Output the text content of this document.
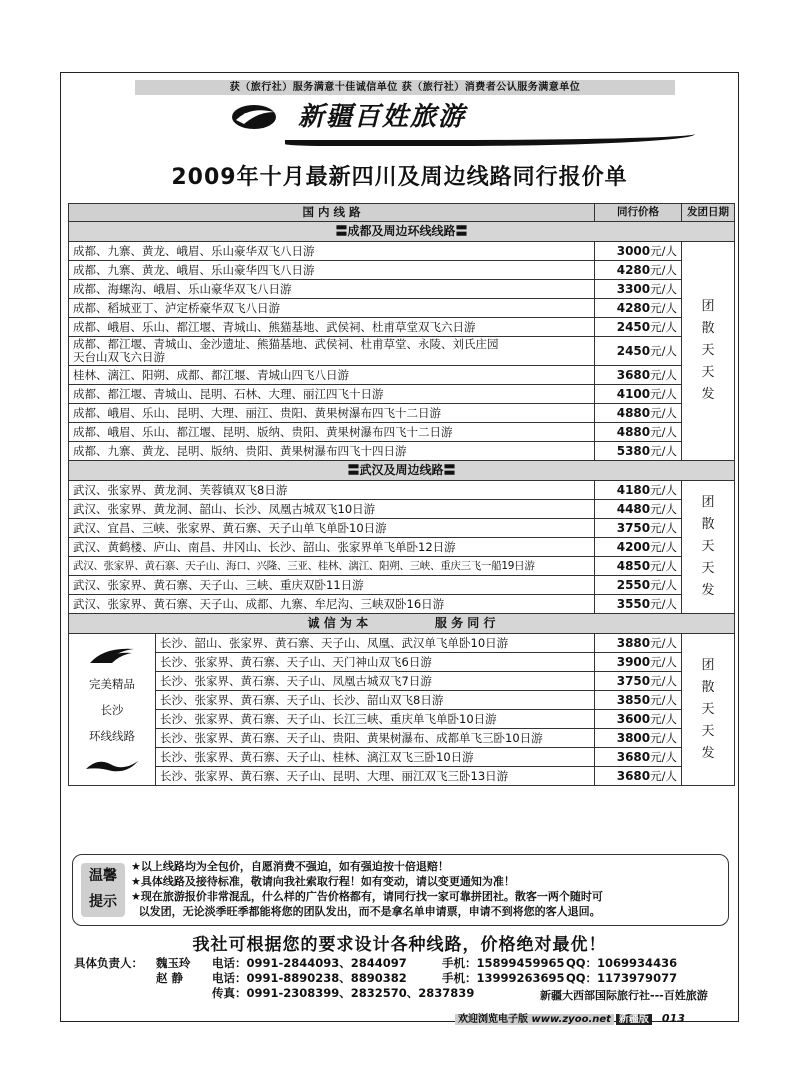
获（旅行社）服务满意十佳诚信单位 获（旅行社）消费者公认服务满意单位
新疆百姓旅游
2009年十月最新四川及周边线路同行报价单
国 内 线 路		同行价格	发团日期
〓成都及周边环线线路〓			
成都、九寨、黄龙、峨眉、乐山豪华双飞八日游		3000元/人	团散天天发
成都、九寨、黄龙、峨眉、乐山豪华四飞八日游		4280元/人	
成都、海螺沟、峨眉、乐山豪华双飞八日游		3300元/人	
成都、稻城亚丁、泸定桥豪华双飞八日游		4280元/人	
成都、峨眉、乐山、都江堰、青城山、熊猫基地、武侯祠、杜甫草堂双飞六日游		2450元/人	
成都、都江堰、青城山、金沙遗址、熊猫基地、武侯祠、杜甫草堂、永陵、刘氏庄园
天台山双飞六日游		2450元/人	
桂林、漓江、阳朔、成都、都江堰、青城山四飞八日游		3680元/人	
成都、都江堰、青城山、昆明、石林、大理、丽江四飞十日游		4100元/人	
成都、峨眉、乐山、昆明、大理、丽江、贵阳、黄果树瀑布四飞十二日游		4880元/人	
成都、峨眉、乐山、都江堰、昆明、版纳、贵阳、黄果树瀑布四飞十二日游		4880元/人	
成都、九寨、黄龙、昆明、版纳、贵阳、黄果树瀑布四飞十四日游		5380元/人	
〓武汉及周边线路〓			
武汉、张家界、黄龙洞、芙蓉镇双飞8日游		4180元/人	团散天天发
武汉、张家界、黄龙洞、韶山、长沙、凤凰古城双飞10日游		4480元/人	
武汉、宜昌、三峡、张家界、黄石寨、天子山单飞单卧10日游		3750元/人	
武汉、黄鹤楼、庐山、南昌、井冈山、长沙、韶山、张家界单飞单卧12日游		4200元/人	
武汉、张家界、黄石寨、天子山、海口、兴隆、三亚、桂林、漓江、阳朔、三峡、重庆三飞一船19日游		4850元/人	
武汉、张家界、黄石寨、天子山、三峡、重庆双卧11日游		2550元/人	
武汉、张家界、黄石寨、天子山、成都、九寨、牟尼沟、三峡双卧16日游		3550元/人	
诚 信 为 本                服 务 同 行			

完美精品
长沙
环线线路	长沙、韶山、张家界、黄石寨、天子山、凤凰、武汉单飞单卧10日游	3880元/人	团散天天发
	长沙、张家界、黄石寨、天子山、天门神山双飞6日游	3900元/人	
	长沙、张家界、黄石寨、天子山、凤凰古城双飞7日游	3750元/人	
	长沙、张家界、黄石寨、天子山、长沙、韶山双飞8日游	3850元/人	
	长沙、张家界、黄石寨、天子山、长江三峡、重庆单飞单卧10日游	3600元/人	
	长沙、张家界、黄石寨、天子山、贵阳、黄果树瀑布、成都单飞三卧10日游	3800元/人	
	长沙、张家界、黄石寨、天子山、桂林、漓江双飞三卧10日游	3680元/人	
	长沙、张家界、黄石寨、天子山、昆明、大理、丽江双飞三卧13日游	3680元/人	
温馨
提示
★以上线路均为全包价，自愿消费不强迫，如有强迫按十倍退赔！
★具体线路及接待标准，敬请向我社索取行程！如有变动，请以变更通知为准！
★现在旅游报价非常混乱，什么样的广告价格都有，请同行找一家可靠拼团社。散客一两个随时可
以发团，无论淡季旺季都能将您的团队发出，而不是拿名单申请票，申请不到将您的客人退回。
我社可根据您的要求设计各种线路，价格绝对最优！
具体负责人： 魏玉玲 电话：0991-2844093、2844097	手机：15899459965 QQ：1069934436
赵 静	电话：0991-8890238、8890382	手机：13999263695 QQ：1173979077
传真：0991-2308399、2832570、2837839	新疆大西部国际旅行社---百姓旅游
欢迎浏览电子版 www.zyoo.net 新疆版 013
